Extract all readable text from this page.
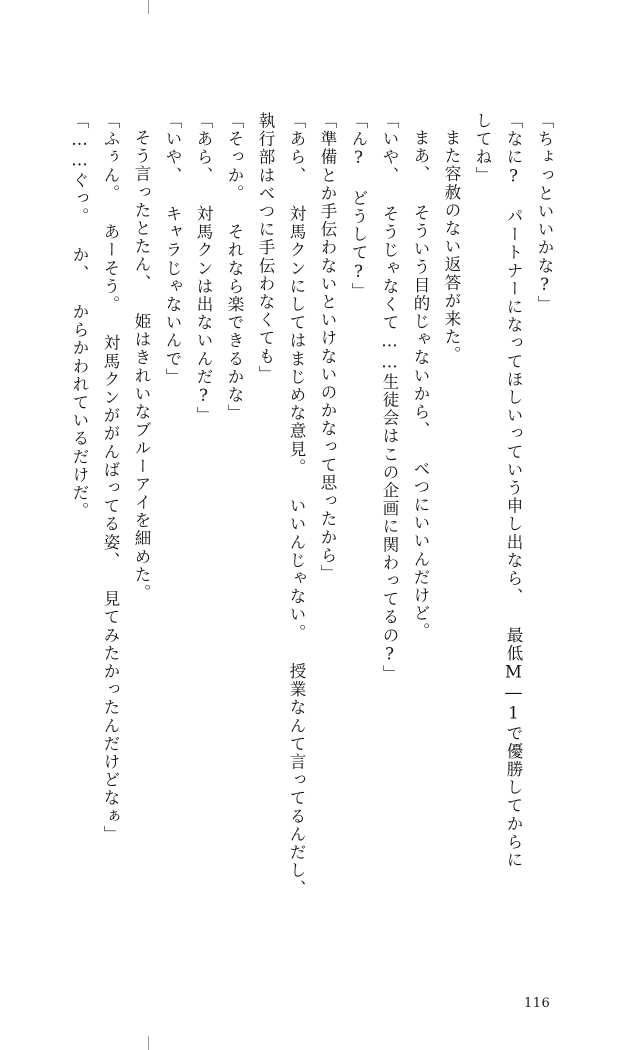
「ちょっといいかな?」

「なに? パートナーになってほしいっていう申し出なら、 最低M―1で優勝してからに

してね」

また容赦のない返答が来た。

まあ、 そういう目的じゃないから、 べつにいいんだけど。

「いや、 そうじゃなくて……生徒会はこの企画に関わってるの?」

「ん? どうして?」

「準備とか手伝わないといけないのかなって思ったから」

「あら、 対馬クンにしてはまじめな意見。 いいんじゃない。 授業なんて言ってるんだし、

執行部はべつに手伝わなくても」

「そっか。 それなら楽できるかな」

「あら、 対馬クンは出ないんだ?」

「いや、 キャラじゃないんで」

そう言ったとたん、 姫はきれいなブルーアイを細めた。

「ふぅん。 あーそう。 対馬クンががんばってる姿、 見てみたかったんだけどなぁ」

「……ぐっ。 か、 からかわれているだけだ。

116
